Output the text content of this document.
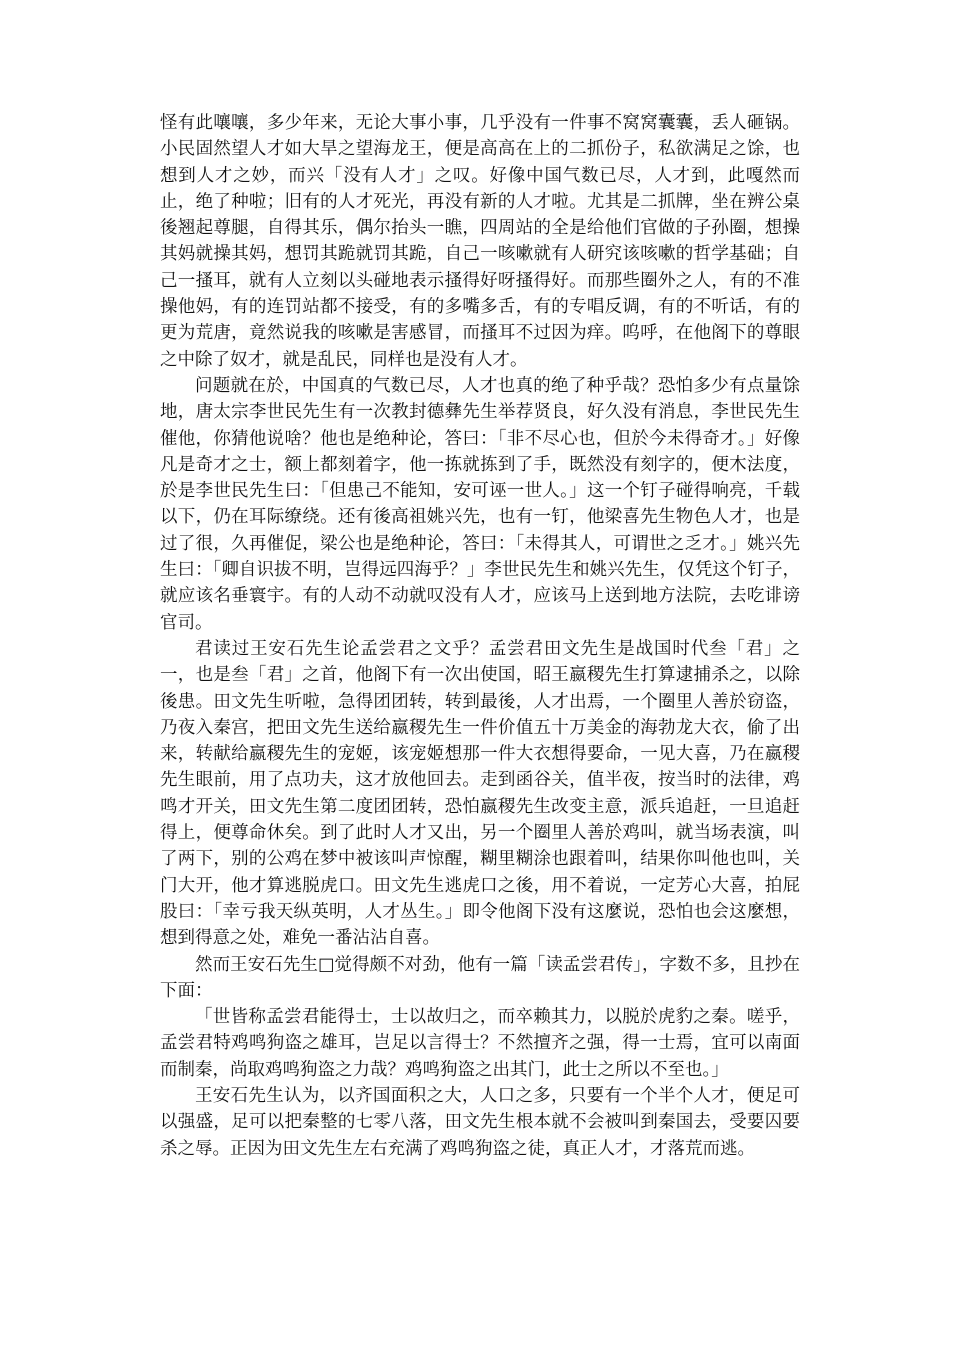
怪有此嚷嚷，多少年来，无论大事小事，几乎没有一件事不窝窝囊囊，丢人砸锅。小民固然望人才如大旱之望海龙王，便是高高在上的二抓份子，私欲满足之馀，也想到人才之妙，而兴「没有人才」之叹。好像中国气数已尽，人才到，此嘎然而止，绝了种啦；旧有的人才死光，再没有新的人才啦。尤其是二抓牌，坐在辨公桌後翘起尊腿，自得其乐，偶尔抬头一瞧，四周站的全是给他们官做的子孙圈，想操其妈就操其妈，想罚其跪就罚其跪，自己一咳嗽就有人研究该咳嗽的哲学基础；自己一搔耳，就有人立刻以头碰地表示搔得好呀搔得好。而那些圈外之人，有的不准操他妈，有的连罚站都不接受，有的多嘴多舌，有的专唱反调，有的不听话，有的更为荒唐，竟然说我的咳嗽是害感冒，而搔耳不过因为痒。呜呼，在他阁下的尊眼之中除了奴才，就是乱民，同样也是没有人才。

问题就在於，中国真的气数已尽，人才也真的绝了种乎哉？恐怕多少有点量馀地，唐太宗李世民先生有一次教封德彝先生举荐贤良，好久没有消息，李世民先生催他，你猜他说啥？他也是绝种论，答曰：「非不尽心也，但於今未得奇才。」好像凡是奇才之士，额上都刻着字，他一拣就拣到了手，既然没有刻字的，便木法度，於是李世民先生曰：「但患己不能知，安可诬一世人。」这一个钉子碰得响亮，千载以下，仍在耳际缭绕。还有後高祖姚兴先，也有一钉，他梁喜先生物色人才，也是过了很，久再催促，梁公也是绝种论，答曰：「未得其人，可谓世之乏才。」姚兴先生曰：「卿自识拔不明，岂得远四海乎？」李世民先生和姚兴先生，仅凭这个钉子，就应该名垂寰宇。有的人动不动就叹没有人才，应该马上送到地方法院，去吃诽谤官司。

君读过王安石先生论孟尝君之文乎？孟尝君田文先生是战国时代叁「君」之一，也是叁「君」之首，他阁下有一次出使国，昭王嬴稷先生打算逮捕杀之，以除後患。田文先生听啦，急得团团转，转到最後，人才出焉，一个圈里人善於窃盗，乃夜入秦宫，把田文先生送给嬴稷先生一件价值五十万美金的海勃龙大衣，偷了出来，转献给嬴稷先生的宠姬，该宠姬想那一件大衣想得要命，一见大喜，乃在嬴稷先生眼前，用了点功夫，这才放他回去。走到函谷关，值半夜，按当时的法律，鸡鸣才开关，田文先生第二度团团转，恐怕嬴稷先生改变主意，派兵追赶，一旦追赶得上，便尊命休矣。到了此时人才又出，另一个圈里人善於鸡叫，就当场表演，叫了两下，别的公鸡在梦中被该叫声惊醒，糊里糊涂也跟着叫，结果你叫他也叫，关门大开，他才算逃脱虎口。田文先生逃虎口之後，用不着说，一定芳心大喜，拍屁股曰：「幸亏我天纵英明，人才丛生。」即令他阁下没有这麼说，恐怕也会这麼想，想到得意之处，难免一番沾沾自喜。

然而王安石先生□觉得颇不对劲，他有一篇「读孟尝君传」，字数不多，且抄在下面：

「世皆称孟尝君能得士，士以故归之，而卒赖其力，以脱於虎豹之秦。嗟乎，孟尝君特鸡鸣狗盗之雄耳，岂足以言得士？不然擅齐之强，得一士焉，宜可以南面而制秦，尚取鸡鸣狗盗之力哉？鸡鸣狗盗之出其门，此士之所以不至也。」

王安石先生认为，以齐国面积之大，人口之多，只要有一个半个人才，便足可以强盛，足可以把秦整的七零八落，田文先生根本就不会被叫到秦国去，受要囚要杀之辱。正因为田文先生左右充满了鸡鸣狗盗之徒，真正人才，才落荒而逃。
